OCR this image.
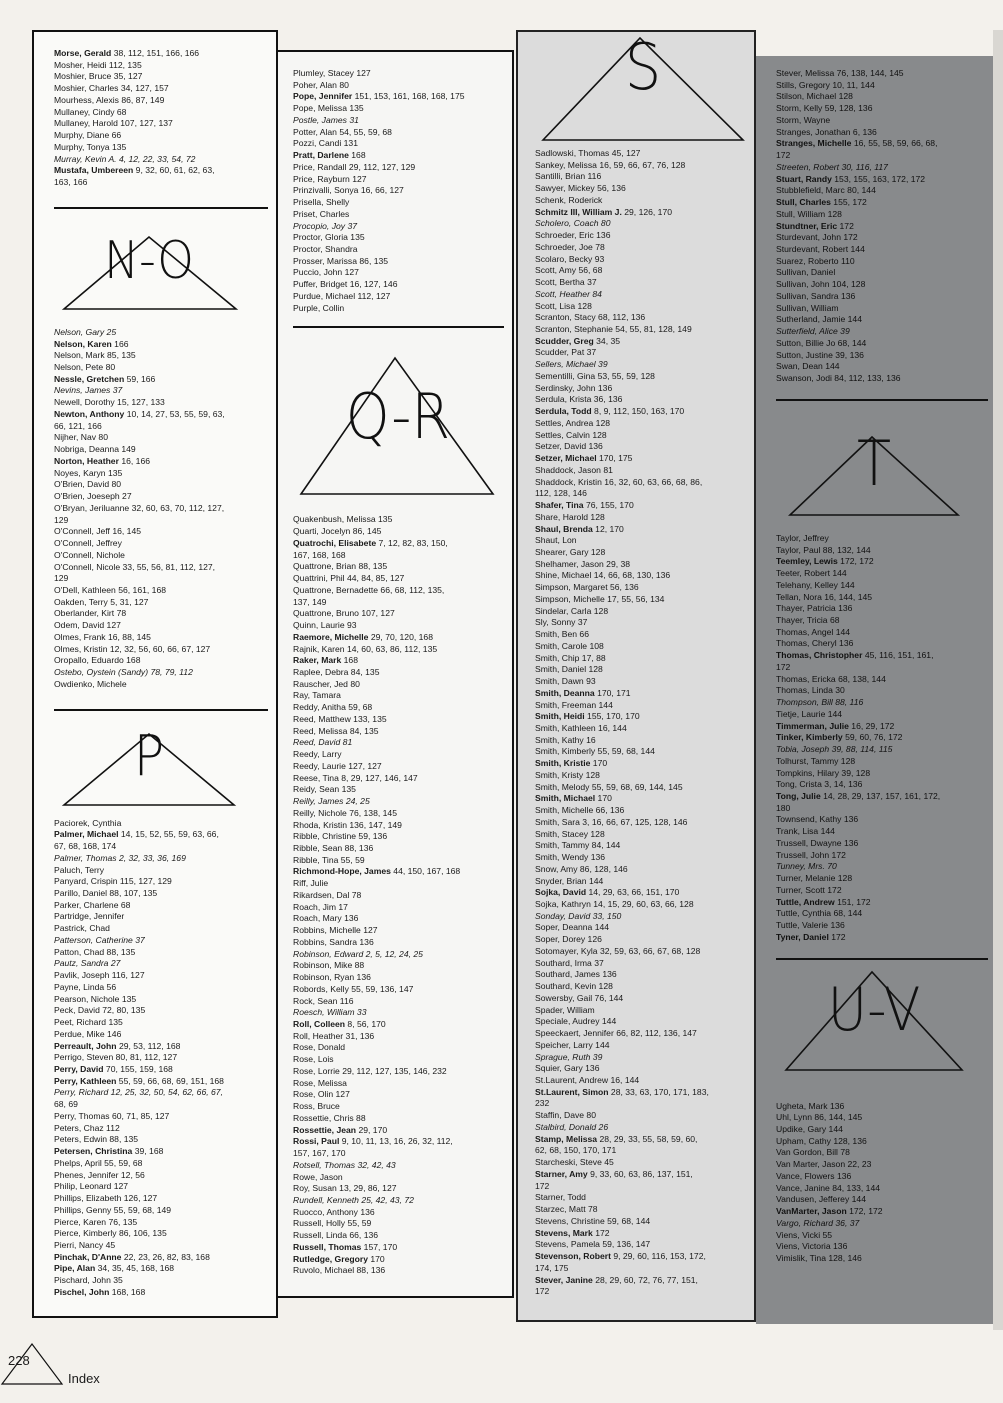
Morse, Gerald 38, 112, 151, 166, 166
Mosher, Heidi 112, 135
Moshier, Bruce 35, 127
Moshier, Charles 34, 127, 157
Mourhess, Alexis 86, 87, 149
Mullaney, Cindy 68
Mullaney, Harold 107, 127, 137
Murphy, Diane 66
Murphy, Tonya 135
Murray, Kevin A. 4, 12, 22, 33, 54, 72
Mustafa, Umbereen 9, 32, 60, 61, 62, 63,
163, 166
N-O
Nelson, Gary 25
Nelson, Karen 166
Nelson, Mark 85, 135
Nelson, Pete 80
Nessle, Gretchen 59, 166
Nevins, James 37
Newell, Dorothy 15, 127, 133
Newton, Anthony 10, 14, 27, 53, 55, 59, 63,
66, 121, 166
Nijher, Nav 80
Nobriga, Deanna 149
Norton, Heather 16, 166
Noyes, Karyn 135
O'Brien, David 80
O'Brien, Joeseph 27
O'Bryan, Jeriluanne 32, 60, 63, 70, 112, 127,
129
O'Connell, Jeff 16, 145
O'Connell, Jeffrey
O'Connell, Nichole
O'Connell, Nicole 33, 55, 56, 81, 112, 127,
129
O'Dell, Kathleen 56, 161, 168
Oakden, Terry 5, 31, 127
Oberlander, Kirt 78
Odem, David 127
Olmes, Frank 16, 88, 145
Olmes, Kristin 12, 32, 56, 60, 66, 67, 127
Oropallo, Eduardo 168
Ostebo, Oystein (Sandy) 78, 79, 112
Owdienko, Michele
P
Paciorek, Cynthia
Palmer, Michael 14, 15, 52, 55, 59, 63, 66,
67, 68, 168, 174
Palmer, Thomas 2, 32, 33, 36, 169
Paluch, Terry
Panyard, Crispin 115, 127, 129
Parillo, Daniel 88, 107, 135
Parker, Charlene 68
Partridge, Jennifer
Pastrick, Chad
Patterson, Catherine 37
Patton, Chad 88, 135
Pautz, Sandra 27
Pavlik, Joseph 116, 127
Payne, Linda 56
Pearson, Nichole 135
Peck, David 72, 80, 135
Peet, Richard 135
Perdue, Mike 146
Perreault, John 29, 53, 112, 168
Perrigo, Steven 80, 81, 112, 127
Perry, David 70, 155, 159, 168
Perry, Kathleen 55, 59, 66, 68, 69, 151, 168
Perry, Richard 12, 25, 32, 50, 54, 62, 66, 67,
68, 69
Perry, Thomas 60, 71, 85, 127
Peters, Chaz 112
Peters, Edwin 88, 135
Petersen, Christina 39, 168
Phelps, April 55, 59, 68
Phenes, Jennifer 12, 56
Philip, Leonard 127
Phillips, Elizabeth 126, 127
Phillips, Genny 55, 59, 68, 149
Pierce, Karen 76, 135
Pierce, Kimberly 86, 106, 135
Pierri, Nancy 45
Pinchak, D'Anne 22, 23, 26, 82, 83, 168
Pipe, Alan 34, 35, 45, 168, 168
Pischard, John 35
Pischel, John 168, 168
Plumley, Stacey 127
Poher, Alan 80
Pope, Jennifer 151, 153, 161, 168, 168, 175
Pope, Melissa 135
Postle, James 31
Potter, Alan 54, 55, 59, 68
Pozzi, Candi 131
Pratt, Darlene 168
Price, Randall 29, 112, 127, 129
Price, Rayburn 127
Prinzivalli, Sonya 16, 66, 127
Prisella, Shelly
Priset, Charles
Procopio, Joy 37
Proctor, Gloria 135
Proctor, Shandra
Prosser, Marissa 86, 135
Puccio, John 127
Puffer, Bridget 16, 127, 146
Purdue, Michael 112, 127
Purple, Collin
Q-R
Quakenbush, Melissa 135
Quarti, Jocelyn 86, 145
Quatrochi, Elisabete 7, 12, 82, 83, 150,
167, 168, 168
Quattrone, Brian 88, 135
Quattrini, Phil 44, 84, 85, 127
Quattrone, Bernadette 66, 68, 112, 135,
137, 149
Quattrone, Bruno 107, 127
Quinn, Laurie 93
Raemore, Michelle 29, 70, 120, 168
Rajnik, Karen 14, 60, 63, 86, 112, 135
Raker, Mark 168
Raplee, Debra 84, 135
Rauscher, Jed 80
Ray, Tamara
Reddy, Anitha 59, 68
Reed, Matthew 133, 135
Reed, Melissa 84, 135
Reed, David 81
Reedy, Larry
Reedy, Laurie 127, 127
Reese, Tina 8, 29, 127, 146, 147
Reidy, Sean 135
Reilly, James 24, 25
Reilly, Nichole 76, 138, 145
Rhoda, Kristin 136, 147, 149
Ribble, Christine 59, 136
Ribble, Sean 88, 136
Ribble, Tina 55, 59
Richmond-Hope, James 44, 150, 167, 168
Riff, Julie
Rikardsen, Dal 78
Roach, Jim 17
Roach, Mary 136
Robbins, Michelle 127
Robbins, Sandra 136
Robinson, Edward 2, 5, 12, 24, 25
Robinson, Mike 88
Robinson, Ryan 136
Robords, Kelly 55, 59, 136, 147
Rock, Sean 116
Roesch, William 33
Roll, Colleen 8, 56, 170
Roll, Heather 31, 136
Rose, Donald
Rose, Lois
Rose, Lorrie 29, 112, 127, 135, 146, 232
Rose, Melissa
Rose, Olin 127
Ross, Bruce
Rossettie, Chris 88
Rossettie, Jean 29, 170
Rossi, Paul 9, 10, 11, 13, 16, 26, 32, 112,
157, 167, 170
Rotsell, Thomas 32, 42, 43
Rowe, Jason
Roy, Susan 13, 29, 86, 127
Rundell, Kenneth 25, 42, 43, 72
Ruocco, Anthony 136
Russell, Holly 55, 59
Russell, Linda 66, 136
Russell, Thomas 157, 170
Rutledge, Gregory 170
Ruvolo, Michael 88, 136
S
Sadlowski, Thomas 45, 127
Sankey, Melissa 16, 59, 66, 67, 76, 128
Santilli, Brian 116
Sawyer, Mickey 56, 136
Schenk, Roderick
Schmitz III, William J. 29, 126, 170
Scholero, Coach 80
Schroeder, Eric 136
Schroeder, Joe 78
Scolaro, Becky 93
Scott, Amy 56, 68
Scott, Bertha 37
Scott, Heather 84
Scott, Lisa 128
Scranton, Stacy 68, 112, 136
Scranton, Stephanie 54, 55, 81, 128, 149
Scudder, Greg 34, 35
Scudder, Pat 37
Sellers, Michael 39
Sementilli, Gina 53, 55, 59, 128
Serdinsky, John 136
Serdula, Krista 36, 136
Serdula, Todd 8, 9, 112, 150, 163, 170
Settles, Andrea 128
Settles, Calvin 128
Setzer, David 136
Setzer, Michael 170, 175
Shaddock, Jason 81
Shaddock, Kristin 16, 32, 60, 63, 66, 68, 86,
112, 128, 146
Shafer, Tina 76, 155, 170
Share, Harold 128
Shaul, Brenda 12, 170
Shaut, Lon
Shearer, Gary 128
Shelhamer, Jason 29, 38
Shine, Michael 14, 66, 68, 130, 136
Simpson, Margaret 56, 136
Simpson, Michelle 17, 55, 56, 134
Sindelar, Carla 128
Sly, Sonny 37
Smith, Ben 66
Smith, Carole 108
Smith, Chip 17, 88
Smith, Daniel 128
Smith, Dawn 93
Smith, Deanna 170, 171
Smith, Freeman 144
Smith, Heidi 155, 170, 170
Smith, Kathleen 16, 144
Smith, Kathy 16
Smith, Kimberly 55, 59, 68, 144
Smith, Kristie 170
Smith, Kristy 128
Smith, Melody 55, 59, 68, 69, 144, 145
Smith, Michael 170
Smith, Michelle 66, 136
Smith, Sara 3, 16, 66, 67, 125, 128, 146
Smith, Stacey 128
Smith, Tammy 84, 144
Smith, Wendy 136
Snow, Amy 86, 128, 146
Snyder, Brian 144
Sojka, David 14, 29, 63, 66, 151, 170
Sojka, Kathryn 14, 15, 29, 60, 63, 66, 128
Sonday, David 33, 150
Soper, Deanna 144
Soper, Dorey 126
Sotomayer, Kyla 32, 59, 63, 66, 67, 68, 128
Southard, Irma 37
Southard, James 136
Southard, Kevin 128
Sowersby, Gail 76, 144
Spader, William
Speciale, Audrey 144
Speeckaert, Jennifer 66, 82, 112, 136, 147
Speicher, Larry 144
Sprague, Ruth 39
Squier, Gary 136
St.Laurent, Andrew 16, 144
St.Laurent, Simon 28, 33, 63, 170, 171, 183,
232
Staffin, Dave 80
Stalbird, Donald 26
Stamp, Melissa 28, 29, 33, 55, 58, 59, 60,
62, 68, 150, 170, 171
Starcheski, Steve 45
Starner, Amy 9, 33, 60, 63, 86, 137, 151,
172
Starner, Todd
Starzec, Matt 78
Stevens, Christine 59, 68, 144
Stevens, Mark 172
Stevens, Pamela 59, 136, 147
Stevenson, Robert 9, 29, 60, 116, 153, 172,
174, 175
Stever, Janine 28, 29, 60, 72, 76, 77, 151,
172
Stever, Melissa 76, 138, 144, 145
Stills, Gregory 10, 11, 144
Stilson, Michael 128
Storm, Kelly 59, 128, 136
Storm, Wayne
Stranges, Jonathan 6, 136
Stranges, Michelle 16, 55, 58, 59, 66, 68,
172
Streeten, Robert 30, 116, 117
Stuart, Randy 153, 155, 163, 172, 172
Stubblefield, Marc 80, 144
Stull, Charles 155, 172
Stull, William 128
Stundtner, Eric 172
Sturdevant, John 172
Sturdevant, Robert 144
Suarez, Roberto 110
Sullivan, Daniel
Sullivan, John 104, 128
Sullivan, Sandra 136
Sullivan, William
Sutherland, Jamie 144
Sutterfield, Alice 39
Sutton, Billie Jo 68, 144
Sutton, Justine 39, 136
Swan, Dean 144
Swanson, Jodi 84, 112, 133, 136
T
Taylor, Jeffrey
Taylor, Paul 88, 132, 144
Teemley, Lewis 172, 172
Teeter, Robert 144
Telehany, Kelley 144
Tellan, Nora 16, 144, 145
Thayer, Patricia 136
Thayer, Tricia 68
Thomas, Angel 144
Thomas, Cheryl 136
Thomas, Christopher 45, 116, 151, 161,
172
Thomas, Ericka 68, 138, 144
Thomas, Linda 30
Thompson, Bill 88, 116
Tietje, Laurie 144
Timmerman, Julie 16, 29, 172
Tinker, Kimberly 59, 60, 76, 172
Tobia, Joseph 39, 88, 114, 115
Tolhurst, Tammy 128
Tompkins, Hilary 39, 128
Tong, Crista 3, 14, 136
Tong, Julie 14, 28, 29, 137, 157, 161, 172,
180
Townsend, Kathy 136
Trank, Lisa 144
Trussell, Dwayne 136
Trussell, John 172
Tunney, Mrs. 70
Turner, Melanie 128
Turner, Scott 172
Tuttle, Andrew 151, 172
Tuttle, Cynthia 68, 144
Tuttle, Valerie 136
Tyner, Daniel 172
U-V
Ugheta, Mark 136
Uhl, Lynn 86, 144, 145
Updike, Gary 144
Upham, Cathy 128, 136
Van Gordon, Bill 78
Van Marter, Jason 22, 23
Vance, Flowers 136
Vance, Janine 84, 133, 144
Vandusen, Jefferey 144
VanMarter, Jason 172, 172
Vargo, Richard 36, 37
Viens, Vicki 55
Viens, Victoria 136
Vimislik, Tina 128, 146
228
Index
